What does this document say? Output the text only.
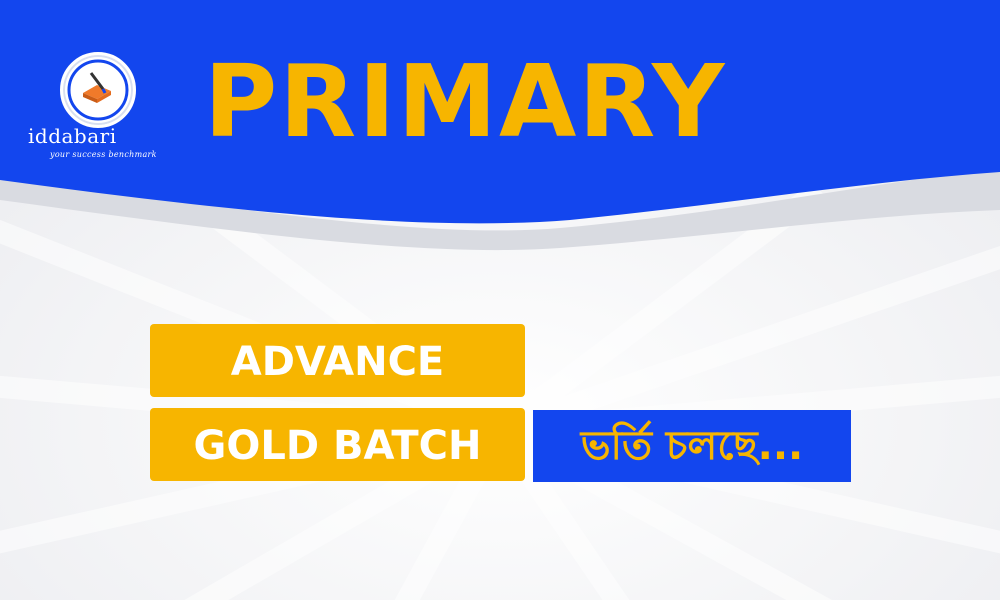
iddabari
your success benchmark PRIMARY
ADVANCE
GOLD BATCH	ভর্তি চলছে...
